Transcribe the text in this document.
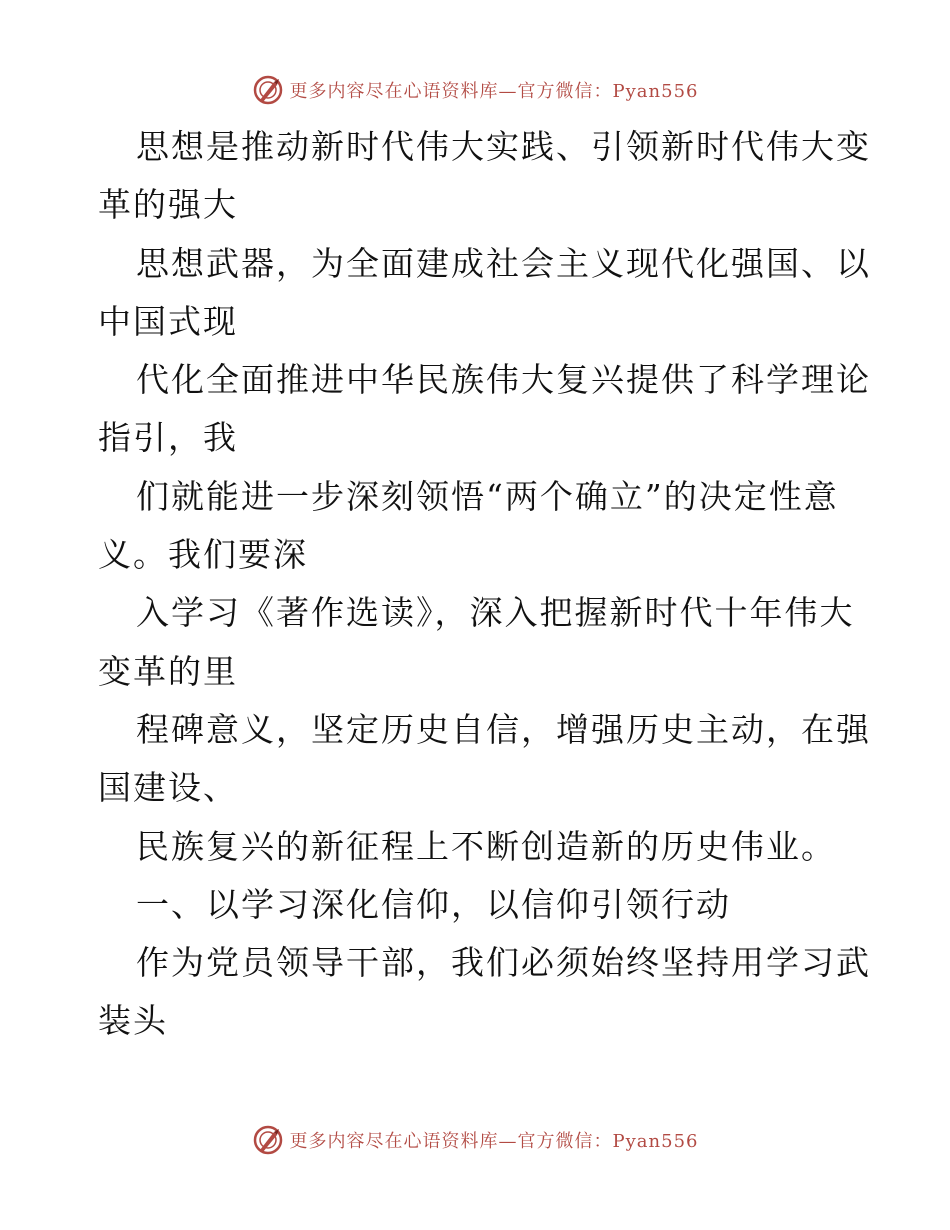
更多内容尽在心语资料库—官方微信：Pyan556
思想是推动新时代伟大实践、引领新时代伟大变
革的强大
思想武器，为全面建成社会主义现代化强国、以
中国式现
代化全面推进中华民族伟大复兴提供了科学理论
指引，我
们就能进一步深刻领悟“两个确立”的决定性意
义。我们要深
入学习《著作选读》，深入把握新时代十年伟大
变革的里
程碑意义，坚定历史自信，增强历史主动，在强
国建设、
民族复兴的新征程上不断创造新的历史伟业。
一、以学习深化信仰，以信仰引领行动
作为党员领导干部，我们必须始终坚持用学习武
装头
更多内容尽在心语资料库—官方微信：Pyan556
